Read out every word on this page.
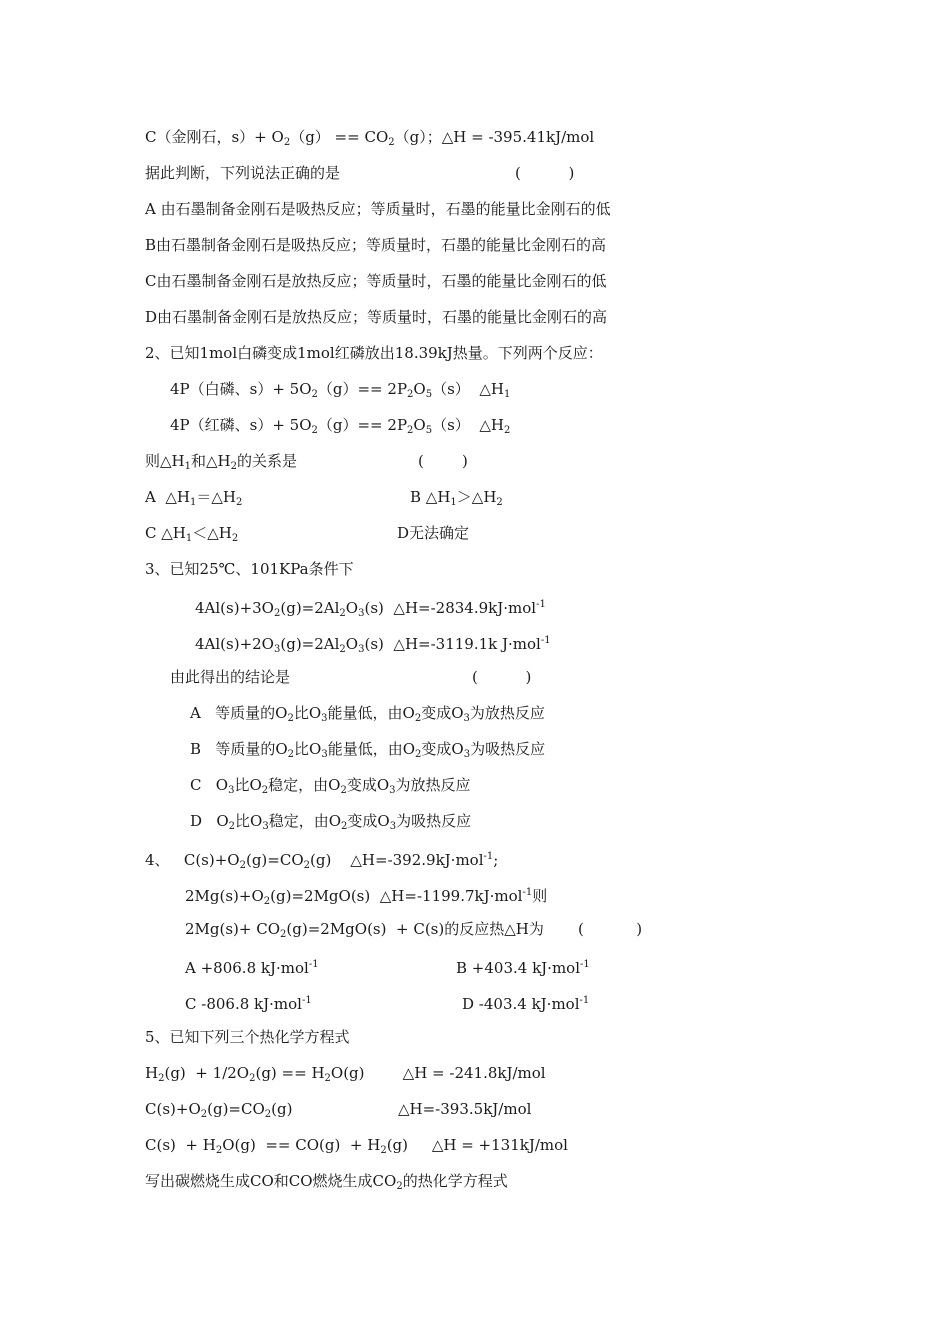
C（金刚石，$s)+ O_2(g) == CO_2(g)$；△H = -395.41kJ/mol
据此判断，下列说法正确的是	(          )
A 由石墨制备金刚石是吸热反应；等质量时，石墨的能量比金刚石的低
B由石墨制备金刚石是吸热反应；等质量时，石墨的能量比金刚石的高
C由石墨制备金刚石是放热反应；等质量时，石墨的能量比金刚石的低
D由石墨制备金刚石是放热反应；等质量时，石墨的能量比金刚石的高
2、已知1mol白磷变成1mol红磷放出18.39kJ热量。下列两个反应：
4P（白磷、$s)+ 5O_2(g)== 2P_2O_5(s)$  $\triangle H_1$
4P（红磷、$s)+ 5O_2(g)== 2P_2O_5(s)$  $\triangle H_2$
则$\triangle H_1$和$\triangle H_2$的关系是	(        )
A  $\triangle H_1=\triangle H_2$	B $\triangle H_1>\triangle H_2$
C $\triangle H_1<\triangle H_2$	D无法确定
3、已知25℃、101KPa条件下
$4Al(s)+3O_2(g)=2Al_2O_3(s)$  △H=-2834.9kJ·mol$^{-1}$
$4Al(s)+2O_3(g)=2Al_2O_3(s)$  △H=-3119.1k J·mol$^{-1}$
由此得出的结论是	(          )
A   等质量的$O_2$比$O_3$能量低，由$O_2$变成$O_3$为放热反应
B   等质量的$O_2$比$O_3$能量低，由$O_2$变成$O_3$为吸热反应
C   $O_3$比$O_2$稳定，由$O_2$变成$O_3$为放热反应
D   $O_2$比$O_3$稳定，由$O_2$变成$O_3$为吸热反应
4、   $C(s)+O_2(g)=CO_2(g)$    △H=-392.9kJ·mol$^{-1}$;
$2Mg(s)+O_2(g)=2MgO(s)$  △H=-1199.7kJ·mol$^{-1}$则
$2Mg(s)+ CO_2(g)=2MgO(s) + C(s)$的反应热△H为 (           )
A +806.8 kJ·mol$^{-1}$	B +403.4 kJ·mol$^{-1}$
C -806.8 kJ·mol$^{-1}$	D -403.4 kJ·mol$^{-1}$
5、已知下列三个热化学方程式
$H_2(g) + 1/2O_2(g) == H_2O(g)$        △H = -241.8kJ/mol
$C(s)+O_2(g)=CO_2(g)$	△H=-393.5kJ/mol
$C(s) + H_2O(g) == CO(g) + H_2(g)$     △H = +131kJ/mol
写出碳燃烧生成CO和CO燃烧生成$CO_2$的热化学方程式
